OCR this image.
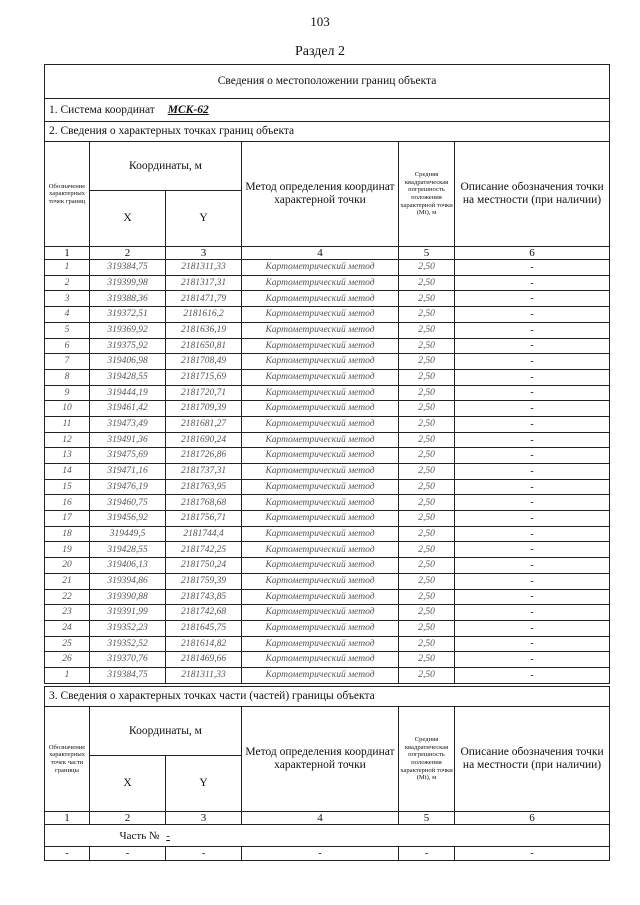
103
Раздел 2
Сведения о местоположении границ объекта					
1. Система координат МСК-62					
2. Сведения о характерных точках границ объекта					
Обозначение характерных точек границ	Координаты, м		Метод определения координат характерной точки	Средняя квадратическая погрешность положения характерной точки (Mt), м	Описание обозначения точки на местности (при наличии)
	X	Y			
1	2	3	4	5	6
1	319384,75	2181311,33	Картометрический метод	2,50	-
2	319399,98	2181317,31	Картометрический метод	2,50	-
3	319388,36	2181471,79	Картометрический метод	2,50	-
4	319372,51	2181616,2	Картометрический метод	2,50	-
5	319369,92	2181636,19	Картометрический метод	2,50	-
6	319375,92	2181650,81	Картометрический метод	2,50	-
7	319406,98	2181708,49	Картометрический метод	2,50	-
8	319428,55	2181715,69	Картометрический метод	2,50	-
9	319444,19	2181720,71	Картометрический метод	2,50	-
10	319461,42	2181709,39	Картометрический метод	2,50	-
11	319473,49	2181681,27	Картометрический метод	2,50	-
12	319491,36	2181690,24	Картометрический метод	2,50	-
13	319475,69	2181726,86	Картометрический метод	2,50	-
14	319471,16	2181737,31	Картометрический метод	2,50	-
15	319476,19	2181763,95	Картометрический метод	2,50	-
16	319460,75	2181768,68	Картометрический метод	2,50	-
17	319456,92	2181756,71	Картометрический метод	2,50	-
18	319449,5	2181744,4	Картометрический метод	2,50	-
19	319428,55	2181742,25	Картометрический метод	2,50	-
20	319406,13	2181750,24	Картометрический метод	2,50	-
21	319394,86	2181759,39	Картометрический метод	2,50	-
22	319390,88	2181743,85	Картометрический метод	2,50	-
23	319391,99	2181742,68	Картометрический метод	2,50	-
24	319352,23	2181645,75	Картометрический метод	2,50	-
25	319352,52	2181614,82	Картометрический метод	2,50	-
26	319370,76	2181469,66	Картометрический метод	2,50	-
1	319384,75	2181311,33	Картометрический метод	2,50	-
3. Сведения о характерных точках части (частей) границы объекта					
Обозначение характерных точек части границы	Координаты, м		Метод определения координат характерной точки	Средняя квадратическая погрешность положения характерной точки (Mt), м	Описание обозначения точки на местности (при наличии)
	X	Y			
1	2	3	4	5	6
	Часть № -				
-	-	-	-	-	-
